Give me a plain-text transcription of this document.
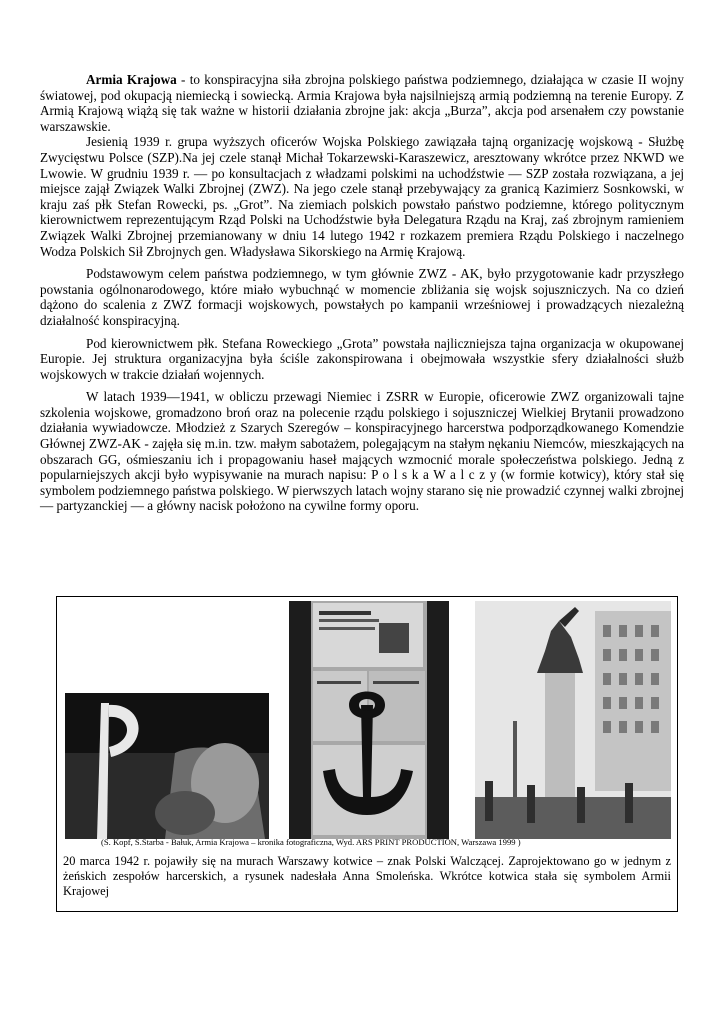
Armia Krajowa - to konspiracyjna siła zbrojna polskiego państwa podziemnego, działająca w czasie II wojny światowej, pod okupacją niemiecką i sowiecką. Armia Krajowa była najsilniejszą armią podziemną na terenie Europy. Z Armią Krajową wiążą się tak ważne w historii działania zbrojne jak: akcja „Burza”, akcja pod arsenałem czy powstanie warszawskie.

Jesienią 1939 r. grupa wyższych oficerów Wojska Polskiego zawiązała tajną organizację wojskową - Służbę Zwycięstwu Polsce (SZP).Na jej czele stanął Michał Tokarzewski-Karaszewicz, aresztowany wkrótce przez NKWD we Lwowie. W grudniu 1939 r. — po konsultacjach z władzami polskimi na uchodźstwie — SZP została rozwiązana, a jej miejsce zajął Związek Walki Zbrojnej (ZWZ). Na jego czele stanął przebywający za granicą Kazimierz Sosnkowski, w kraju zaś płk Stefan Rowecki, ps. „Grot”. Na ziemiach polskich powstało państwo podziemne, którego politycznym kierownictwem reprezentującym Rząd Polski na Uchodźstwie była Delegatura Rządu na Kraj, zaś zbrojnym ramieniem Związek Walki Zbrojnej przemianowany w dniu 14 lutego 1942 r rozkazem premiera Rządu Polskiego i naczelnego Wodza Polskich Sił Zbrojnych gen. Władysława Sikorskiego na Armię Krajową.

Podstawowym celem państwa podziemnego, w tym głównie ZWZ - AK, było przygotowanie kadr przyszłego powstania ogólnonarodowego, które miało wybuchnąć w momencie zbliżania się wojsk sojuszniczych. Na co dzień dążono do scalenia z ZWZ formacji wojskowych, powstałych po kampanii wrześniowej i prowadzących niezależną działalność konspiracyjną.

Pod kierownictwem płk. Stefana Roweckiego „Grota” powstała najliczniejsza tajna organizacja w okupowanej Europie. Jej struktura organizacyjna była ściśle zakonspirowana i obejmowała wszystkie sfery działalności służb wojskowych w trakcie działań wojennych.

W latach 1939—1941, w obliczu przewagi Niemiec i ZSRR w Europie, oficerowie ZWZ organizowali tajne szkolenia wojskowe, gromadzono broń oraz na polecenie rządu polskiego i sojuszniczej Wielkiej Brytanii prowadzono działania wywiadowcze. Młodzież z Szarych Szeregów – konspiracyjnego harcerstwa podporządkowanego Komendzie Głównej ZWZ-AK - zajęła się m.in. tzw. małym sabotażem, polegającym na stałym nękaniu Niemców, mieszkających na obszarach GG, ośmieszaniu ich i propagowaniu haseł mających wzmocnić morale społeczeństwa polskiego. Jedną z popularniejszych akcji było wypisywanie na murach napisu: P o l s k a W a l c z y (w formie kotwicy), który stał się symbolem podziemnego państwa polskiego. W pierwszych latach wojny starano się nie prowadzić czynnej walki zbrojnej — partyzanckiej — a główny nacisk położono na cywilne formy oporu.

(S. Kopf, S.Starba - Bałuk, Armia Krajowa – kronika fotograficzna, Wyd. ARS PRINT PRODUCTION, Warszawa 1999 )
20 marca 1942 r. pojawiły się na murach Warszawy kotwice – znak Polski Walczącej. Zaprojektowano go w jednym z żeńskich zespołów harcerskich, a rysunek nadesłała Anna Smoleńska. Wkrótce kotwica stała się symbolem Armii Krajowej
